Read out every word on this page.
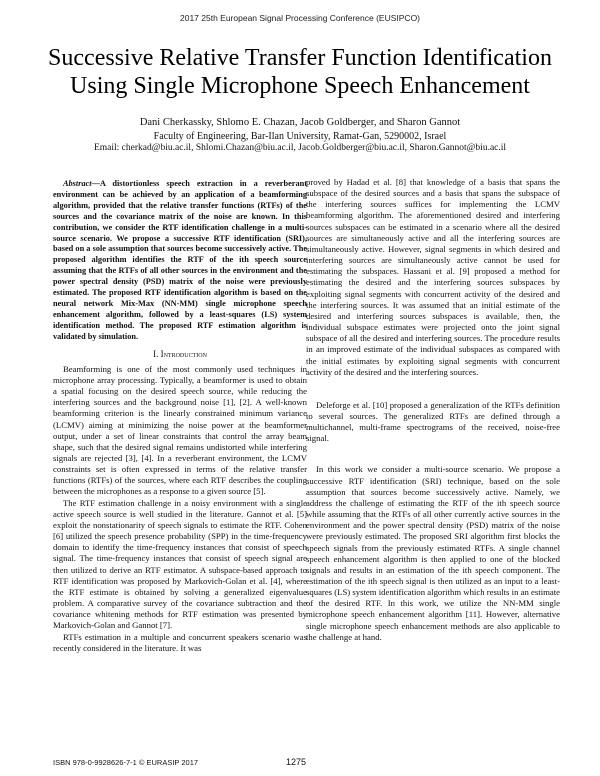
2017 25th European Signal Processing Conference (EUSIPCO)
Successive Relative Transfer Function Identification
Using Single Microphone Speech Enhancement
Dani Cherkassky, Shlomo E. Chazan, Jacob Goldberger, and Sharon Gannot
Faculty of Engineering, Bar-Ilan University, Ramat-Gan, 5290002, Israel
Email: cherkad@biu.ac.il, Shlomi.Chazan@biu.ac.il, Jacob.Goldberger@biu.ac.il, Sharon.Gannot@biu.ac.il

Abstract—A distortionless speech extraction in a reverberant environment can be achieved by an application of a beamforming algorithm, provided that the relative transfer functions (RTFs) of the sources and the covariance matrix of the noise are known. In this contribution, we consider the RTF identification challenge in a multi-source scenario. We propose a successive RTF identification (SRI), based on a sole assumption that sources become successively active. The proposed algorithm identifies the RTF of the ith speech source assuming that the RTFs of all other sources in the environment and the power spectral density (PSD) matrix of the noise were previously estimated. The proposed RTF identification algorithm is based on the neural network Mix-Max (NN-MM) single microphone speech enhancement algorithm, followed by a least-squares (LS) system identification method. The proposed RTF estimation algorithm is validated by simulation.

I. Introduction

Beamforming is one of the most commonly used techniques in microphone array processing. Typically, a beamformer is used to obtain a spatial focusing on the desired speech source, while reducing the interfering sources and the background noise [1], [2]. A well-known beamforming criterion is the linearly constrained minimum variance (LCMV) aiming at minimizing the noise power at the beamformer output, under a set of linear constraints that control the array beam shape, such that the desired signal remains undistorted while interfering signals are rejected [3], [4]. In a reverberant environment, the LCMV constraints set is often expressed in terms of the relative transfer functions (RTFs) of the sources, where each RTF describes the coupling between the microphones as a response to a given source [5].

The RTF estimation challenge in a noisy environment with a single active speech source is well studied in the literature. Gannot et al. [5] exploit the nonstationarity of speech signals to estimate the RTF. Cohen [6] utilized the speech presence probability (SPP) in the time-frequency domain to identify the time-frequency instances that consist of speech signal. The time-frequency instances that consist of speech signal are then utilized to derive an RTF estimator. A subspace-based approach to RTF identification was proposed by Markovich-Golan et al. [4], where the RTF estimate is obtained by solving a generalized eigenvalue problem. A comparative survey of the covariance subtraction and the covariance whitening methods for RTF estimation was presented by Markovich-Golan and Gannot [7].

RTFs estimation in a multiple and concurrent speakers scenario was recently considered in the literature. It was

proved by Hadad et al. [8] that knowledge of a basis that spans the subspace of the desired sources and a basis that spans the subspace of the interfering sources suffices for implementing the LCMV beamforming algorithm. The aforementioned desired and interfering sources subspaces can be estimated in a scenario where all the desired sources are simultaneously active and all the interfering sources are simultaneously active. However, signal segments in which desired and interfering sources are simultaneously active cannot be used for estimating the subspaces. Hassani et al. [9] proposed a method for estimating the desired and the interfering sources subspaces by exploiting signal segments with concurrent activity of the desired and the interfering sources. It was assumed that an initial estimate of the desired and interfering sources subspaces is available, then, the individual subspace estimates were projected onto the joint signal subspace of all the desired and interfering sources. The procedure results in an improved estimate of the individual subspaces as compared with the initial estimates by exploiting signal segments with concurrent activity of the desired and the interfering sources.

Deleforge et al. [10] proposed a generalization of the RTFs definition to several sources. The generalized RTFs are defined through a multichannel, multi-frame spectrograms of the received, noise-free signal.

In this work we consider a multi-source scenario. We propose a successive RTF identification (SRI) technique, based on the sole assumption that sources become successively active. Namely, we address the challenge of estimating the RTF of the ith speech source while assuming that the RTFs of all other currently active sources in the environment and the power spectral density (PSD) matrix of the noise were previously estimated. The proposed SRI algorithm first blocks the speech signals from the previously estimated RTFs. A single channel speech enhancement algorithm is then applied to one of the blocked signals and results in an estimation of the ith speech component. The estimation of the ith speech signal is then utilized as an input to a least-squares (LS) system identification algorithm which results in an estimate of the desired RTF. In this work, we utilize the NN-MM single microphone speech enhancement algorithm [11]. However, alternative single microphone speech enhancement methods are also applicable to the challenge at hand.

ISBN 978-0-9928626-7-1 © EURASIP 2017	1275
